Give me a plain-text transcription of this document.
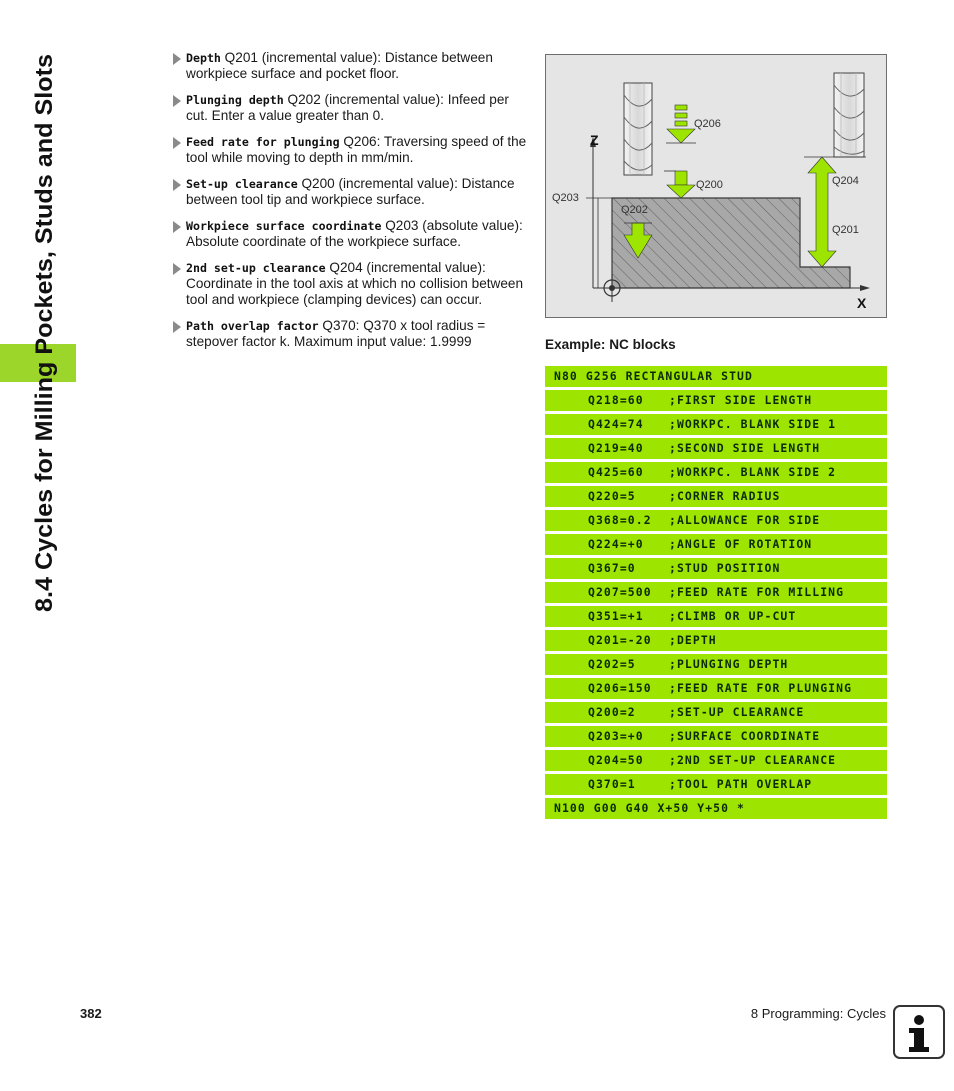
8.4 Cycles for Milling Pockets, Studs and Slots
Depth Q201 (incremental value): Distance between workpiece surface and pocket floor.
Plunging depth Q202 (incremental value): Infeed per cut. Enter a value greater than 0.
Feed rate for plunging Q206: Traversing speed of the tool while moving to depth in mm/min.
Set-up clearance Q200 (incremental value): Distance between tool tip and workpiece surface.
Workpiece surface coordinate Q203 (absolute value): Absolute coordinate of the workpiece surface.
2nd set-up clearance Q204 (incremental value): Coordinate in the tool axis at which no collision between tool and workpiece (clamping devices) can occur.
Path overlap factor Q370: Q370 x tool radius = stepover factor k. Maximum input value: 1.9999
Z
X
Q206
Q200	Q204
Q203
Q202
Q201
Example: NC blocks
N80 G256 RECTANGULAR STUD
Q218=60 ;FIRST SIDE LENGTH
Q424=74 ;WORKPC. BLANK SIDE 1
Q219=40 ;SECOND SIDE LENGTH
Q425=60 ;WORKPC. BLANK SIDE 2
Q220=5	;CORNER RADIUS
Q368=0.2 ;ALLOWANCE FOR SIDE
Q224=+0 ;ANGLE OF ROTATION
Q367=0	;STUD POSITION
Q207=500 ;FEED RATE FOR MILLING
Q351=+1 ;CLIMB OR UP-CUT
Q201=-20 ;DEPTH
Q202=5	;PLUNGING DEPTH
Q206=150 ;FEED RATE FOR PLUNGING
Q200=2	;SET-UP CLEARANCE
Q203=+0 ;SURFACE COORDINATE
Q204=50 ;2ND SET-UP CLEARANCE
Q370=1	;TOOL PATH OVERLAP
N100 G00 G40 X+50 Y+50 *
382	8 Programming: Cycles
